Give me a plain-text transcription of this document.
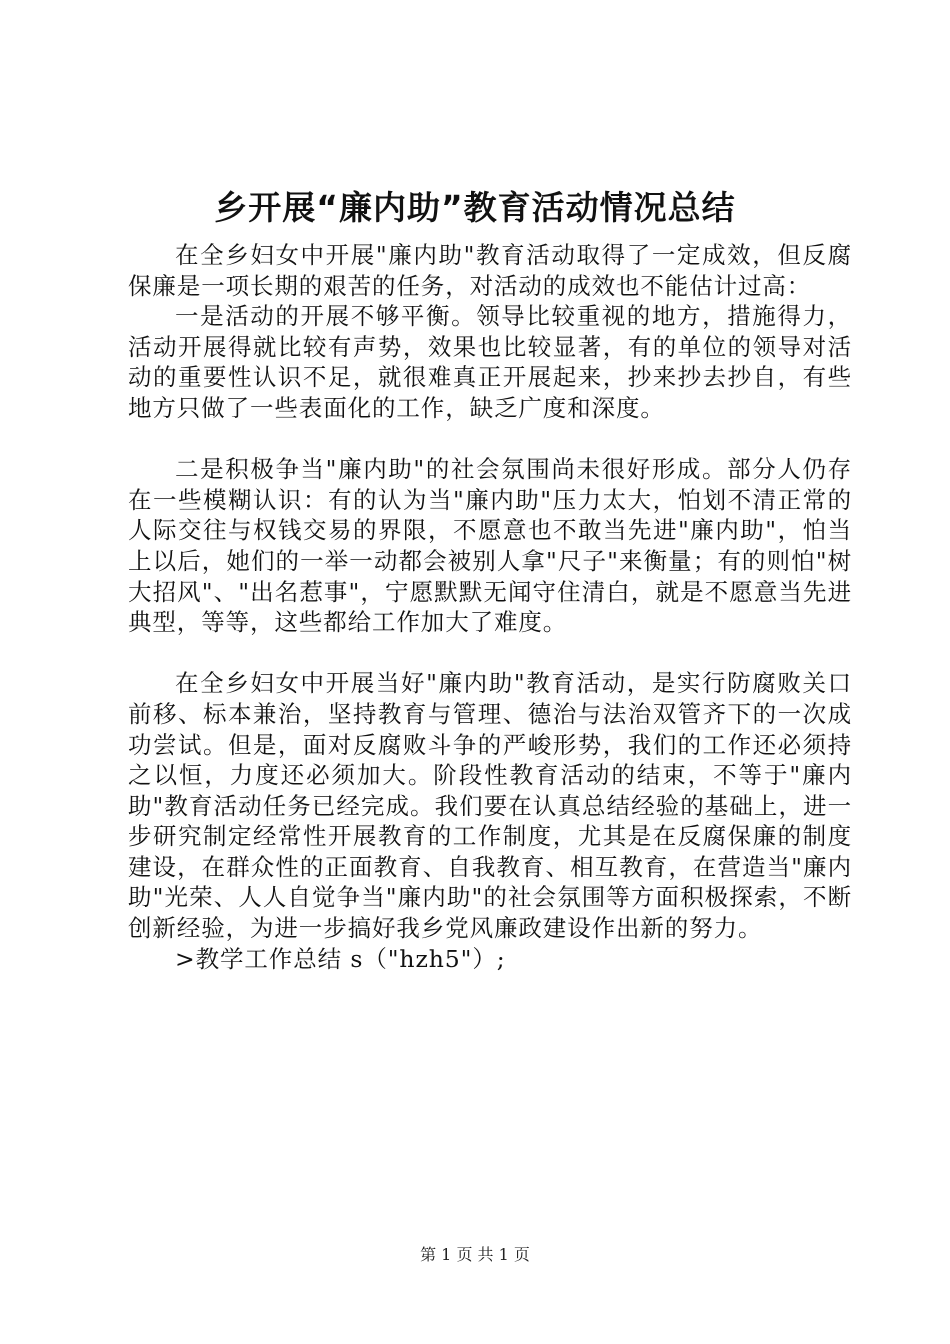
乡开展“廉内助”教育活动情况总结

在全乡妇女中开展"廉内助"教育活动取得了一定成效，但反腐保廉是一项长期的艰苦的任务，对活动的成效也不能估计过高：

一是活动的开展不够平衡。领导比较重视的地方，措施得力，活动开展得就比较有声势，效果也比较显著，有的单位的领导对活动的重要性认识不足，就很难真正开展起来，抄来抄去抄自，有些地方只做了一些表面化的工作，缺乏广度和深度。

二是积极争当"廉内助"的社会氛围尚未很好形成。部分人仍存在一些模糊认识：有的认为当"廉内助"压力太大，怕划不清正常的人际交往与权钱交易的界限，不愿意也不敢当先进"廉内助"，怕当上以后，她们的一举一动都会被别人拿"尺子"来衡量；有的则怕"树大招风"、"出名惹事"，宁愿默默无闻守住清白，就是不愿意当先进典型，等等，这些都给工作加大了难度。

在全乡妇女中开展当好"廉内助"教育活动，是实行防腐败关口前移、标本兼治，坚持教育与管理、德治与法治双管齐下的一次成功尝试。但是，面对反腐败斗争的严峻形势，我们的工作还必须持之以恒，力度还必须加大。阶段性教育活动的结束，不等于"廉内助"教育活动任务已经完成。我们要在认真总结经验的基础上，进一步研究制定经常性开展教育的工作制度，尤其是在反腐保廉的制度建设，在群众性的正面教育、自我教育、相互教育，在营造当"廉内助"光荣、人人自觉争当"廉内助"的社会氛围等方面积极探索，不断创新经验，为进一步搞好我乡党风廉政建设作出新的努力。

>教学工作总结 s（"hzh5"）;

第 1 页 共 1 页
